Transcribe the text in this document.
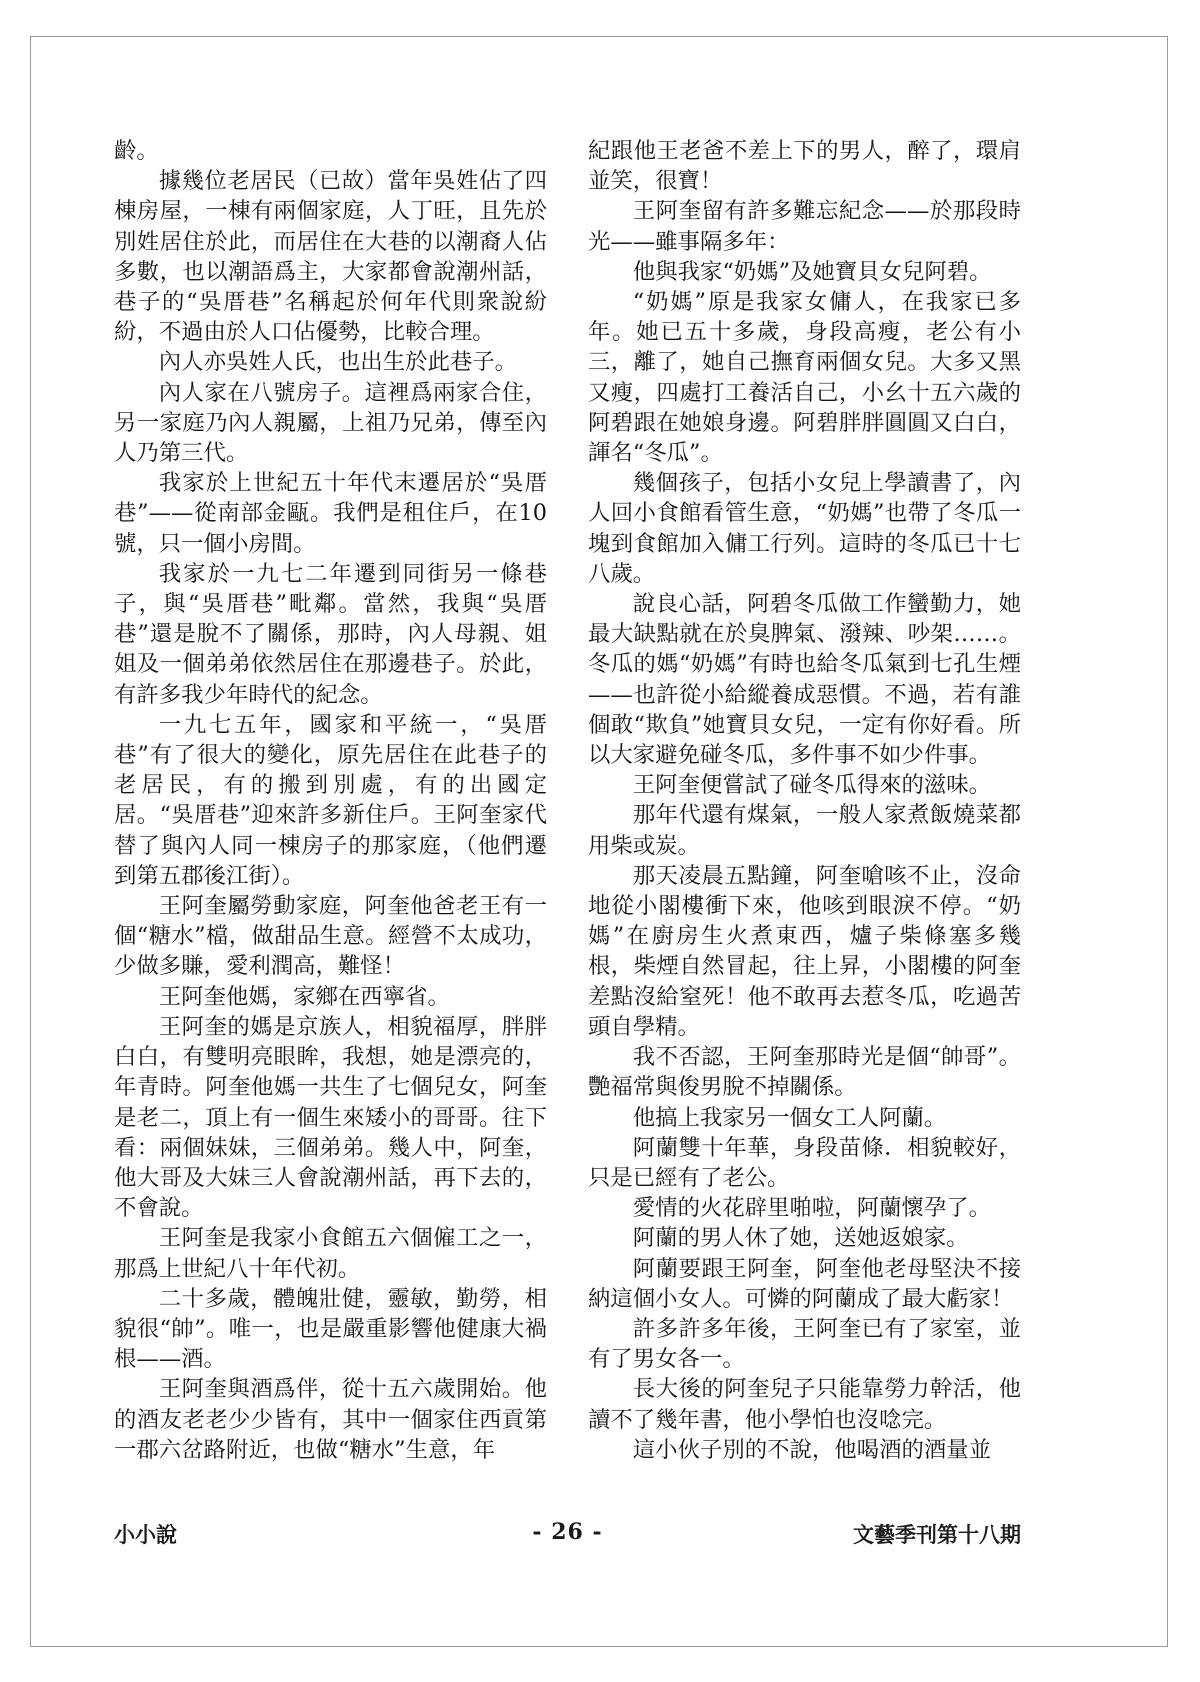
齡。

據幾位老居民（已故）當年吳姓佔了四棟房屋，一棟有兩個家庭，人丁旺，且先於別姓居住於此，而居住在大巷的以潮裔人佔多數，也以潮語爲主，大家都會說潮州話，巷子的“吳厝巷”名稱起於何年代則衆說紛紛，不過由於人口佔優勢，比較合理。

內人亦吳姓人氏，也出生於此巷子。

內人家在八號房子。這裡爲兩家合住，另一家庭乃內人親屬，上祖乃兄弟，傳至內人乃第三代。

我家於上世紀五十年代末遷居於“吳厝巷”——從南部金甌。我們是租住戶，在10號，只一個小房間。

我家於一九七二年遷到同街另一條巷子，與“吳厝巷”毗鄰。當然，我與“吳厝巷”還是脫不了關係，那時，內人母親、姐姐及一個弟弟依然居住在那邊巷子。於此，有許多我少年時代的紀念。

一九七五年，國家和平統一，“吳厝巷”有了很大的變化，原先居住在此巷子的老居民，有的搬到別處，有的出國定居。“吳厝巷”迎來許多新住戶。王阿奎家代替了與內人同一棟房子的那家庭，（他們遷到第五郡後江街）。

王阿奎屬勞動家庭，阿奎他爸老王有一個“糖水”檔，做甜品生意。經營不太成功，少做多賺，愛利潤高，難怪！

王阿奎他媽，家鄉在西寧省。

王阿奎的媽是京族人，相貌福厚，胖胖白白，有雙明亮眼眸，我想，她是漂亮的，年青時。阿奎他媽一共生了七個兒女，阿奎是老二，頂上有一個生來矮小的哥哥。往下看：兩個妹妹，三個弟弟。幾人中，阿奎，他大哥及大妹三人會說潮州話，再下去的，不會說。

王阿奎是我家小食館五六個僱工之一，那爲上世紀八十年代初。

二十多歲，體魄壯健，靈敏，勤勞，相貌很“帥”。唯一，也是嚴重影響他健康大禍根——酒。

王阿奎與酒爲伴，從十五六歲開始。他的酒友老老少少皆有，其中一個家住西貢第一郡六岔路附近，也做“糖水”生意，年

紀跟他王老爸不差上下的男人，醉了，環肩並笑，很寶！

王阿奎留有許多難忘紀念——於那段時光——雖事隔多年：

他與我家“奶媽”及她寶貝女兒阿碧。

“奶媽”原是我家女傭人，在我家已多年。她已五十多歲，身段高瘦，老公有小三，離了，她自己撫育兩個女兒。大多又黑又瘦，四處打工養活自己，小幺十五六歲的阿碧跟在她娘身邊。阿碧胖胖圓圓又白白，諢名“冬瓜”。

幾個孩子，包括小女兒上學讀書了，內人回小食館看管生意，“奶媽”也帶了冬瓜一塊到食館加入傭工行列。這時的冬瓜已十七八歲。

說良心話，阿碧冬瓜做工作蠻勤力，她最大缺點就在於臭脾氣、潑辣、吵架……。冬瓜的媽“奶媽”有時也給冬瓜氣到七孔生煙——也許從小給縱養成惡慣。不過，若有誰個敢“欺負”她寶貝女兒，一定有你好看。所以大家避免碰冬瓜，多件事不如少件事。

王阿奎便嘗試了碰冬瓜得來的滋味。

那年代還有煤氣，一般人家煮飯燒菜都用柴或炭。

那天凌晨五點鐘，阿奎嗆咳不止，沒命地從小閣樓衝下來，他咳到眼淚不停。“奶媽”在廚房生火煮東西，爐子柴條塞多幾根，柴煙自然冒起，往上昇，小閣樓的阿奎差點沒給窒死！他不敢再去惹冬瓜，吃過苦頭自學精。

我不否認，王阿奎那時光是個“帥哥”。艷福常與俊男脫不掉關係。

他搞上我家另一個女工人阿蘭。

阿蘭雙十年華，身段苗條．相貌較好，只是已經有了老公。

愛情的火花辟里啪啦，阿蘭懷孕了。

阿蘭的男人休了她，送她返娘家。

阿蘭要跟王阿奎，阿奎他老母堅決不接納這個小女人。可憐的阿蘭成了最大虧家！

許多許多年後，王阿奎已有了家室，並有了男女各一。

長大後的阿奎兒子只能靠勞力幹活，他讀不了幾年書，他小學怕也沒唸完。

這小伙子別的不說，他喝酒的酒量並

小小說	- 26 -	文藝季刊第十八期
